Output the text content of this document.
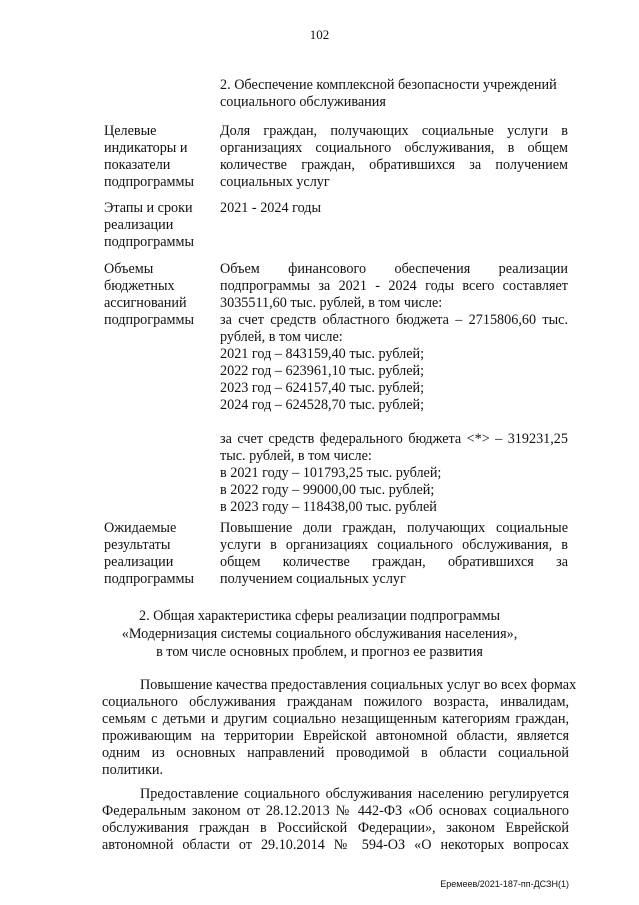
102
2. Обеспечение комплексной безопасности учреждений
социального обслуживания
Целевые
индикаторы и
показатели
подпрограммы
Доля граждан, получающих социальные услуги в
организациях социального обслуживания, в общем
количестве граждан, обратившихся за получением
социальных услуг
Этапы и сроки
реализации
подпрограммы
2021 - 2024 годы
Объемы
бюджетных
ассигнований
подпрограммы
Объем финансового обеспечения реализации
подпрограммы за 2021 - 2024 годы всего составляет
3035511,60 тыс. рублей, в том числе:
за счет средств областного бюджета – 2715806,60 тыс.
рублей, в том числе:
2021 год – 843159,40 тыс. рублей;
2022 год – 623961,10 тыс. рублей;
2023 год – 624157,40 тыс. рублей;
2024 год – 624528,70 тыс. рублей;
за счет средств федерального бюджета <*> – 319231,25
тыс. рублей, в том числе:
в 2021 году – 101793,25 тыс. рублей;
в 2022 году – 99000,00 тыс. рублей;
в 2023 году – 118438,00 тыс. рублей
Ожидаемые
результаты
реализации
подпрограммы
Повышение доли граждан, получающих социальные
услуги в организациях социального обслуживания, в
общем количестве граждан, обратившихся за
получением социальных услуг
2. Общая характеристика сферы реализации подпрограммы
«Модернизация системы социального обслуживания населения»,
в том числе основных проблем, и прогноз ее развития
Повышение качества предоставления социальных услуг во всех формах
социального обслуживания гражданам пожилого возраста, инвалидам,
семьям с детьми и другим социально незащищенным категориям граждан,
проживающим на территории Еврейской автономной области, является
одним из основных направлений проводимой в области социальной
политики.
Предоставление социального обслуживания населению регулируется
Федеральным законом от 28.12.2013 № 442-ФЗ «Об основах социального
обслуживания граждан в Российской Федерации», законом Еврейской
автономной области от 29.10.2014 № 594-ОЗ «О некоторых вопросах
Еремеев/2021-187-пп-ДСЗН(1)
